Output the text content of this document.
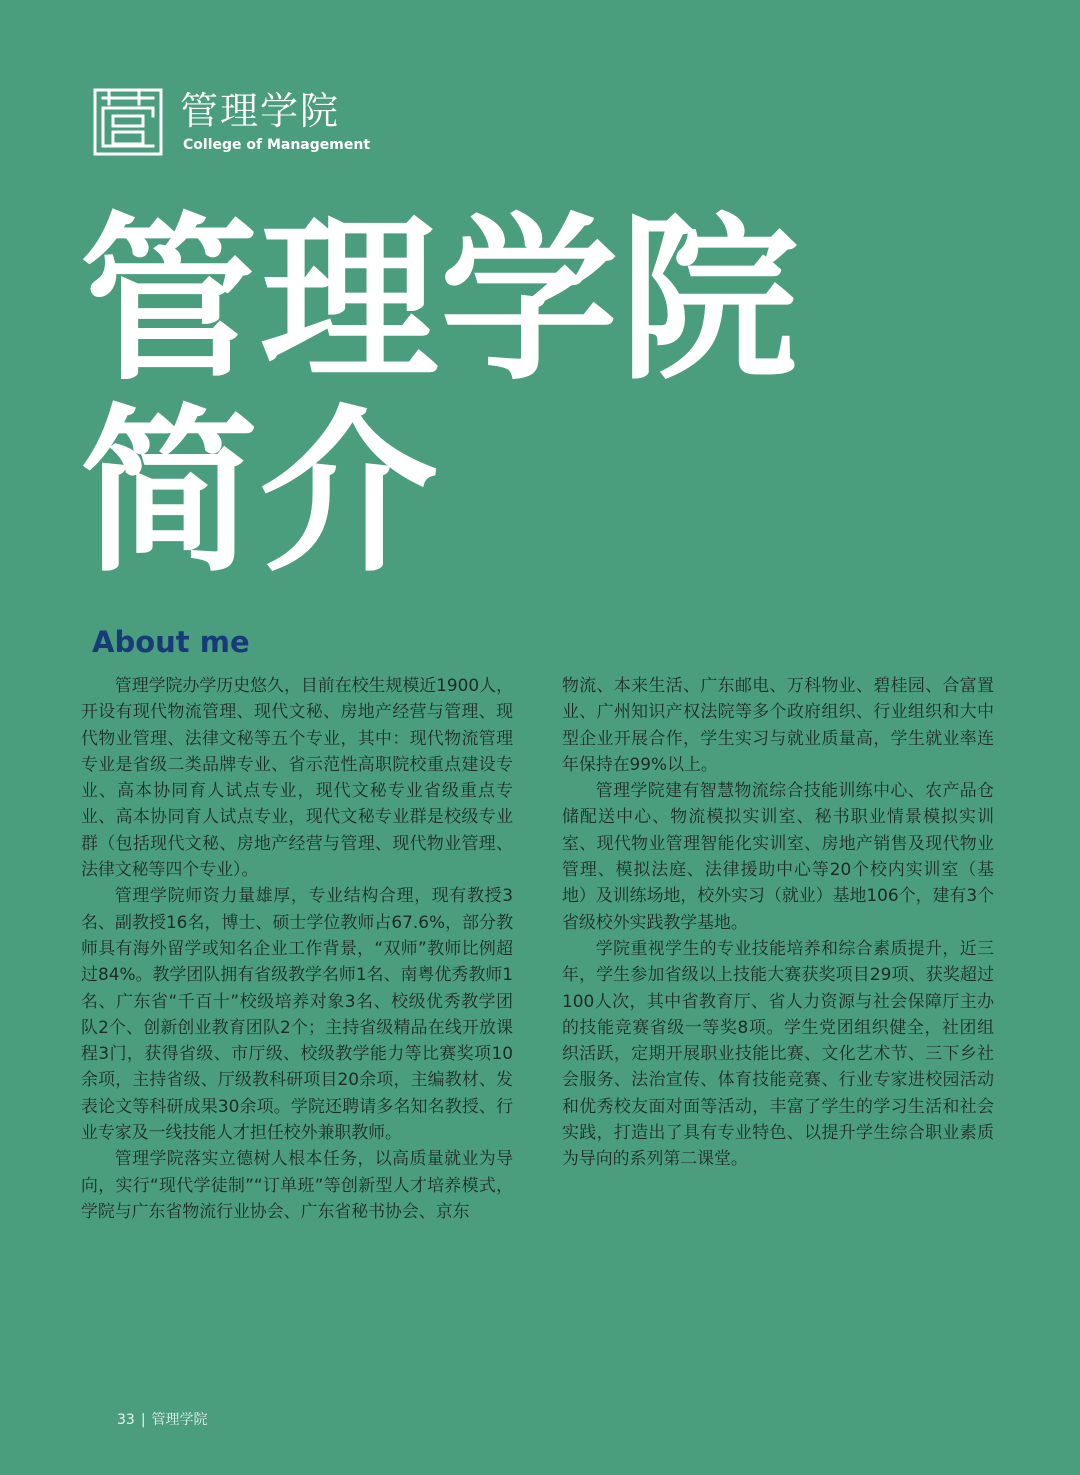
管理学院
College of Management
管理学院
简介
About me

管理学院办学历史悠久，目前在校生规模近1900人，开设有现代物流管理、现代文秘、房地产经营与管理、现代物业管理、法律文秘等五个专业，其中：现代物流管理专业是省级二类品牌专业、省示范性高职院校重点建设专业、高本协同育人试点专业，现代文秘专业省级重点专业、高本协同育人试点专业，现代文秘专业群是校级专业群（包括现代文秘、房地产经营与管理、现代物业管理、法律文秘等四个专业）。

管理学院师资力量雄厚，专业结构合理，现有教授3名、副教授16名，博士、硕士学位教师占67.6%，部分教师具有海外留学或知名企业工作背景，“双师”教师比例超过84%。教学团队拥有省级教学名师1名、南粤优秀教师1名、广东省“千百十”校级培养对象3名、校级优秀教学团队2个、创新创业教育团队2个；主持省级精品在线开放课程3门，获得省级、市厅级、校级教学能力等比赛奖项10余项，主持省级、厅级教科研项目20余项，主编教材、发表论文等科研成果30余项。学院还聘请多名知名教授、行业专家及一线技能人才担任校外兼职教师。

管理学院落实立德树人根本任务，以高质量就业为导向，实行“现代学徒制”“订单班”等创新型人才培养模式，学院与广东省物流行业协会、广东省秘书协会、京东

物流、本来生活、广东邮电、万科物业、碧桂园、合富置业、广州知识产权法院等多个政府组织、行业组织和大中型企业开展合作，学生实习与就业质量高，学生就业率连年保持在99%以上。

管理学院建有智慧物流综合技能训练中心、农产品仓储配送中心、物流模拟实训室、秘书职业情景模拟实训室、现代物业管理智能化实训室、房地产销售及现代物业管理、模拟法庭、法律援助中心等20个校内实训室（基地）及训练场地，校外实习（就业）基地106个，建有3个省级校外实践教学基地。

学院重视学生的专业技能培养和综合素质提升，近三年，学生参加省级以上技能大赛获奖项目29项、获奖超过100人次，其中省教育厅、省人力资源与社会保障厅主办的技能竞赛省级一等奖8项。学生党团组织健全，社团组织活跃，定期开展职业技能比赛、文化艺术节、三下乡社会服务、法治宣传、体育技能竞赛、行业专家进校园活动和优秀校友面对面等活动，丰富了学生的学习生活和社会实践，打造出了具有专业特色、以提升学生综合职业素质为导向的系列第二课堂。

33 | 管理学院
